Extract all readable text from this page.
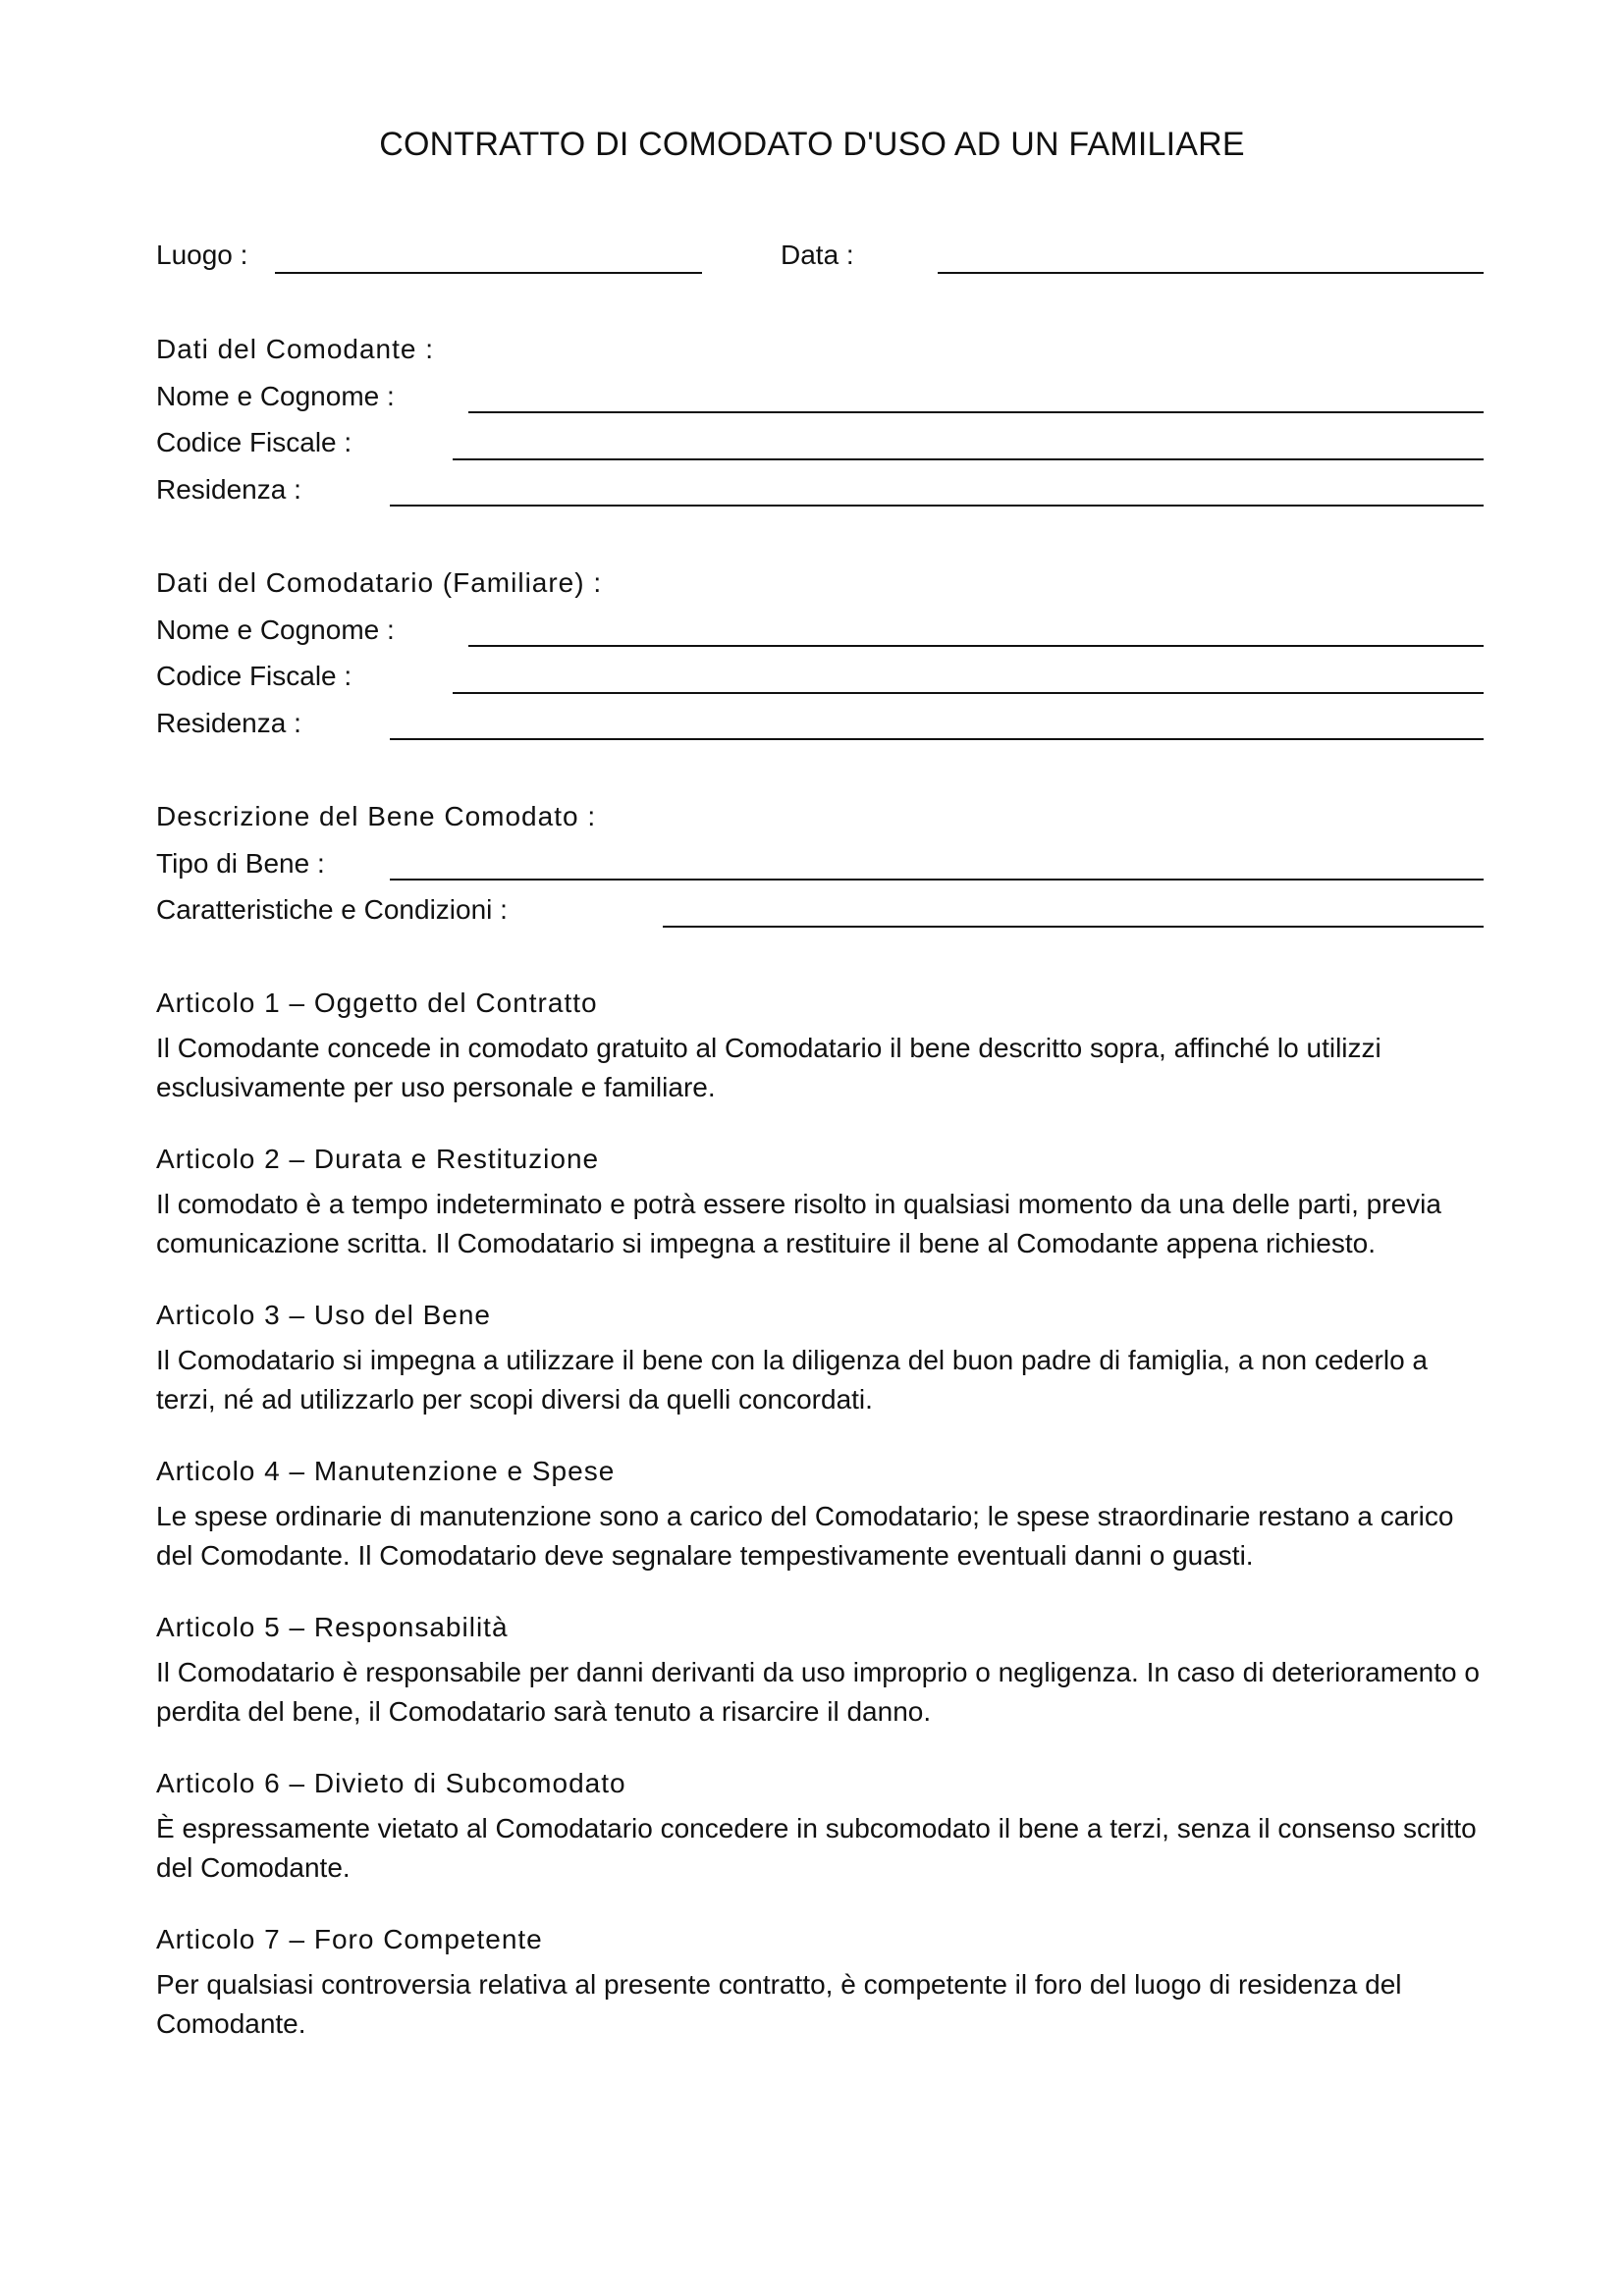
CONTRATTO DI COMODATO D'USO AD UN FAMILIARE
Luogo :	Data :
Dati del Comodante :
Nome e Cognome :
Codice Fiscale :
Residenza :
Dati del Comodatario (Familiare) :
Nome e Cognome :
Codice Fiscale :
Residenza :
Descrizione del Bene Comodato :
Tipo di Bene :
Caratteristiche e Condizioni :
Articolo 1 – Oggetto del Contratto
Il Comodante concede in comodato gratuito al Comodatario il bene descritto sopra, affinché lo utilizzi esclusivamente per uso personale e familiare.
Articolo 2 – Durata e Restituzione
Il comodato è a tempo indeterminato e potrà essere risolto in qualsiasi momento da una delle parti, previa comunicazione scritta. Il Comodatario si impegna a restituire il bene al Comodante appena richiesto.
Articolo 3 – Uso del Bene
Il Comodatario si impegna a utilizzare il bene con la diligenza del buon padre di famiglia, a non cederlo a terzi, né ad utilizzarlo per scopi diversi da quelli concordati.
Articolo 4 – Manutenzione e Spese
Le spese ordinarie di manutenzione sono a carico del Comodatario; le spese straordinarie restano a carico del Comodante. Il Comodatario deve segnalare tempestivamente eventuali danni o guasti.
Articolo 5 – Responsabilità
Il Comodatario è responsabile per danni derivanti da uso improprio o negligenza. In caso di deterioramento o perdita del bene, il Comodatario sarà tenuto a risarcire il danno.
Articolo 6 – Divieto di Subcomodato
È espressamente vietato al Comodatario concedere in subcomodato il bene a terzi, senza il consenso scritto del Comodante.
Articolo 7 – Foro Competente
Per qualsiasi controversia relativa al presente contratto, è competente il foro del luogo di residenza del Comodante.
